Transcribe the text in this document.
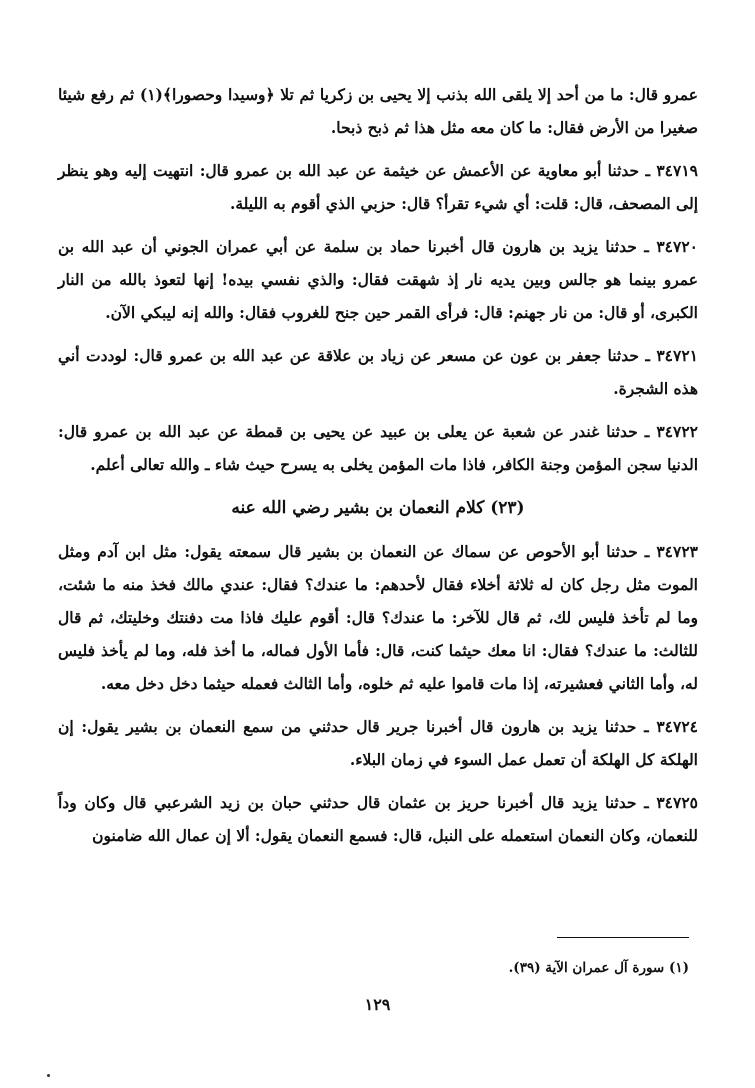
عمرو قال: ما من أحد إلا يلقى الله بذنب إلا يحيى بن زكريا ثم تلا ﴿وسيدا وحصورا﴾(١) ثم رفع شيئا صغيرا من الأرض فقال: ما كان معه مثل هذا ثم ذبح ذبحا.

٣٤٧١٩ ـ حدثنا أبو معاوية عن الأعمش عن خيثمة عن عبد الله بن عمرو قال: انتهيت إليه وهو ينظر إلى المصحف، قال: قلت: أي شيء تقرأ؟ قال: حزبي الذي أقوم به الليلة.

٣٤٧٢٠ ـ حدثنا يزيد بن هارون قال أخبرنا حماد بن سلمة عن أبي عمران الجوني أن عبد الله بن عمرو بينما هو جالس وبين يديه نار إذ شهقت فقال: والذي نفسي بيده! إنها لتعوذ بالله من النار الكبرى، أو قال: من نار جهنم: قال: فرأى القمر حين جنح للغروب فقال: والله إنه ليبكي الآن.

٣٤٧٢١ ـ حدثنا جعفر بن عون عن مسعر عن زياد بن علاقة عن عبد الله بن عمرو قال: لوددت أني هذه الشجرة.

٣٤٧٢٢ ـ حدثنا غندر عن شعبة عن يعلى بن عبيد عن يحيى بن قمطة عن عبد الله بن عمرو قال: الدنيا سجن المؤمن وجنة الكافر، فاذا مات المؤمن يخلى به يسرح حيث شاء ـ والله تعالى أعلم.

(٢٣) كلام النعمان بن بشير رضي الله عنه

٣٤٧٢٣ ـ حدثنا أبو الأحوص عن سماك عن النعمان بن بشير قال سمعته يقول: مثل ابن آدم ومثل الموت مثل رجل كان له ثلاثة أخلاء فقال لأحدهم: ما عندك؟ فقال: عندي مالك فخذ منه ما شئت، وما لم تأخذ فليس لك، ثم قال للآخر: ما عندك؟ قال: أقوم عليك فاذا مت دفنتك وخليتك، ثم قال للثالث: ما عندك؟ فقال: انا معك حيثما كنت، قال: فأما الأول فماله، ما أخذ فله، وما لم يأخذ فليس له، وأما الثاني فعشيرته، إذا مات قاموا عليه ثم خلوه، وأما الثالث فعمله حيثما دخل دخل معه.

٣٤٧٢٤ ـ حدثنا يزيد بن هارون قال أخبرنا جرير قال حدثني من سمع النعمان بن بشير يقول: إن الهلكة كل الهلكة أن تعمل عمل السوء في زمان البلاء.

٣٤٧٢٥ ـ حدثنا يزيد قال أخبرنا حريز بن عثمان قال حدثني حبان بن زيد الشرعبي قال وكان وداً للنعمان، وكان النعمان استعمله على النبل، قال: فسمع النعمان يقول: ألا إن عمال الله ضامنون

(١) سورة آل عمران الآية (٣٩).
١٢٩
